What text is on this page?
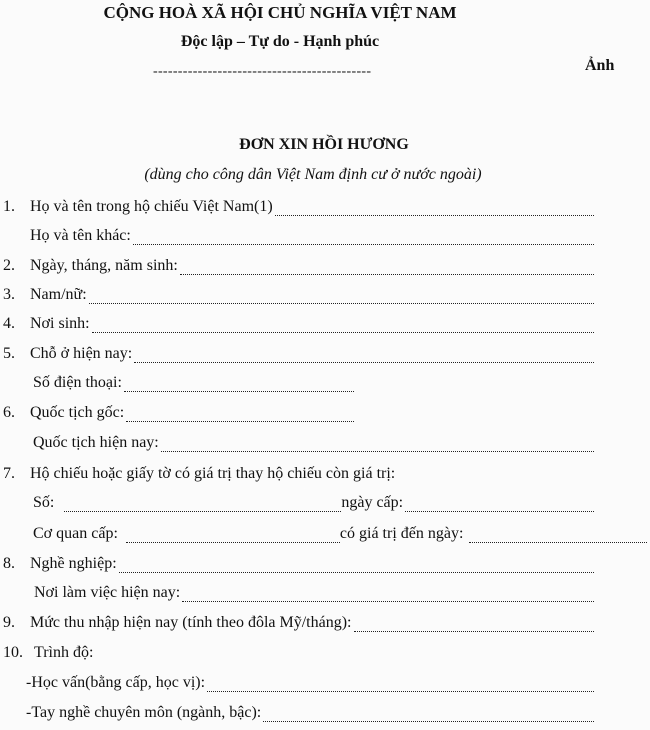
CỘNG HOÀ XÃ HỘI CHỦ NGHĨA VIỆT NAM
Độc lập – Tự do - Hạnh phúc
--------------------------------------------	Ảnh
ĐƠN XIN HỒI HƯƠNG
(dùng cho công dân Việt Nam định cư ở nước ngoài)
1. Họ và tên trong hộ chiếu Việt Nam(1)
Họ và tên khác:
2. Ngày, tháng, năm sinh:
3. Nam/nữ:
4. Nơi sinh:
5. Chỗ ở hiện nay:
Số điện thoại:
6. Quốc tịch gốc:
Quốc tịch hiện nay:
7. Hộ chiếu hoặc giấy tờ có giá trị thay hộ chiếu còn giá trị:
Số:	ngày cấp:
Cơ quan cấp:	có giá trị đến ngày:
8. Nghề nghiệp:
Nơi làm việc hiện nay:
9. Mức thu nhập hiện nay (tính theo đôla Mỹ/tháng):
10. Trình độ:
-Học vấn(bằng cấp, học vị):
-Tay nghề chuyên môn (ngành, bậc):
